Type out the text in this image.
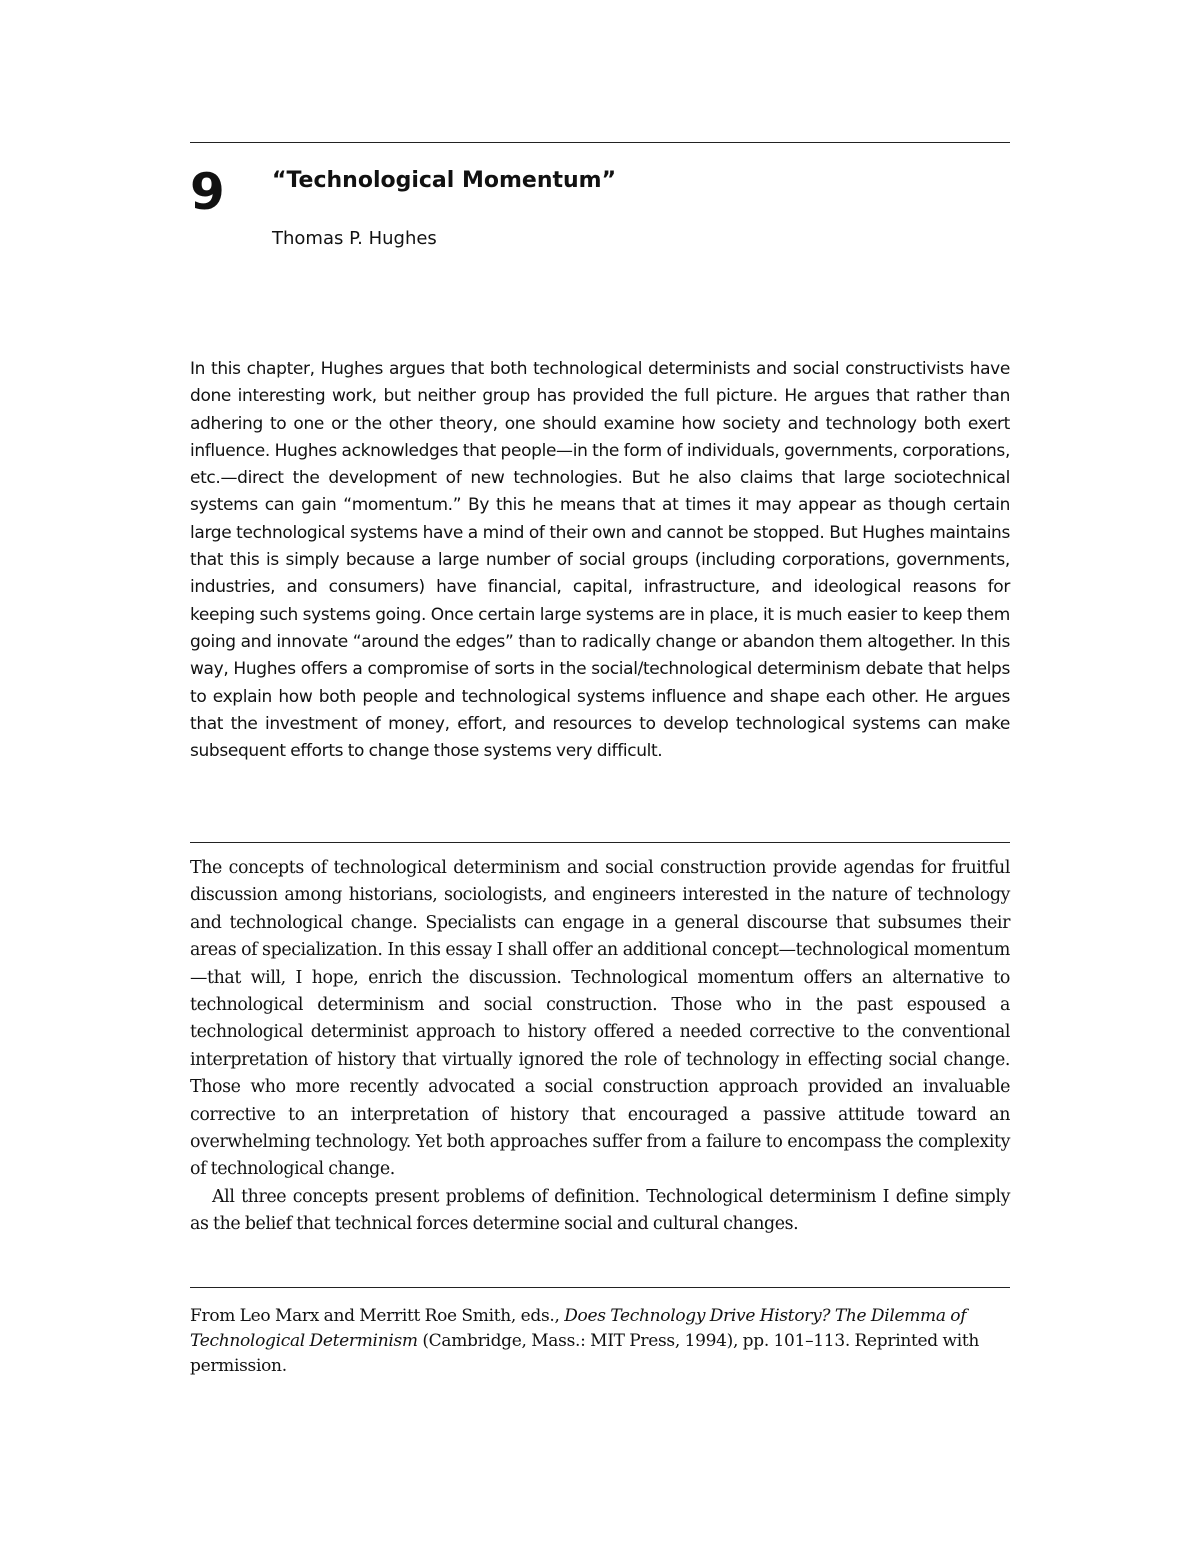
9 “Technological Momentum”
Thomas P. Hughes

In this chapter, Hughes argues that both technological determinists and social constructivists have done interesting work, but neither group has provided the full picture. He argues that rather than adhering to one or the other theory, one should examine how society and technology both exert influence. Hughes acknowledges that people—in the form of individuals, governments, corporations, etc.—direct the development of new technologies. But he also claims that large sociotechnical systems can gain “momentum.” By this he means that at times it may appear as though certain large technological systems have a mind of their own and cannot be stopped. But Hughes maintains that this is simply because a large number of social groups (including corporations, governments, industries, and consumers) have financial, capital, infrastructure, and ideological reasons for keeping such systems going. Once certain large systems are in place, it is much easier to keep them going and innovate “around the edges” than to radically change or abandon them altogether. In this way, Hughes offers a compromise of sorts in the social/technological determinism debate that helps to explain how both people and technological systems influence and shape each other. He argues that the investment of money, effort, and resources to develop technological systems can make subsequent efforts to change those systems very difficult.

The concepts of technological determinism and social construction provide agendas for fruitful discussion among historians, sociologists, and engineers interested in the nature of technology and technological change. Specialists can engage in a general discourse that subsumes their areas of specialization. In this essay I shall offer an additional concept—technological momentum—that will, I hope, enrich the discussion. Technological momentum offers an alternative to technological determinism and social construction. Those who in the past espoused a technological determinist approach to history offered a needed corrective to the conventional interpretation of history that virtually ignored the role of technology in effecting social change. Those who more recently advocated a social construction approach provided an invaluable corrective to an interpretation of history that encouraged a passive attitude toward an overwhelming technology. Yet both approaches suffer from a failure to encompass the complexity of technological change.

All three concepts present problems of definition. Technological determinism I define simply as the belief that technical forces determine social and cultural changes.

From Leo Marx and Merritt Roe Smith, eds., Does Technology Drive History? The Dilemma of Technological Determinism (Cambridge, Mass.: MIT Press, 1994), pp. 101–113. Reprinted with permission.
